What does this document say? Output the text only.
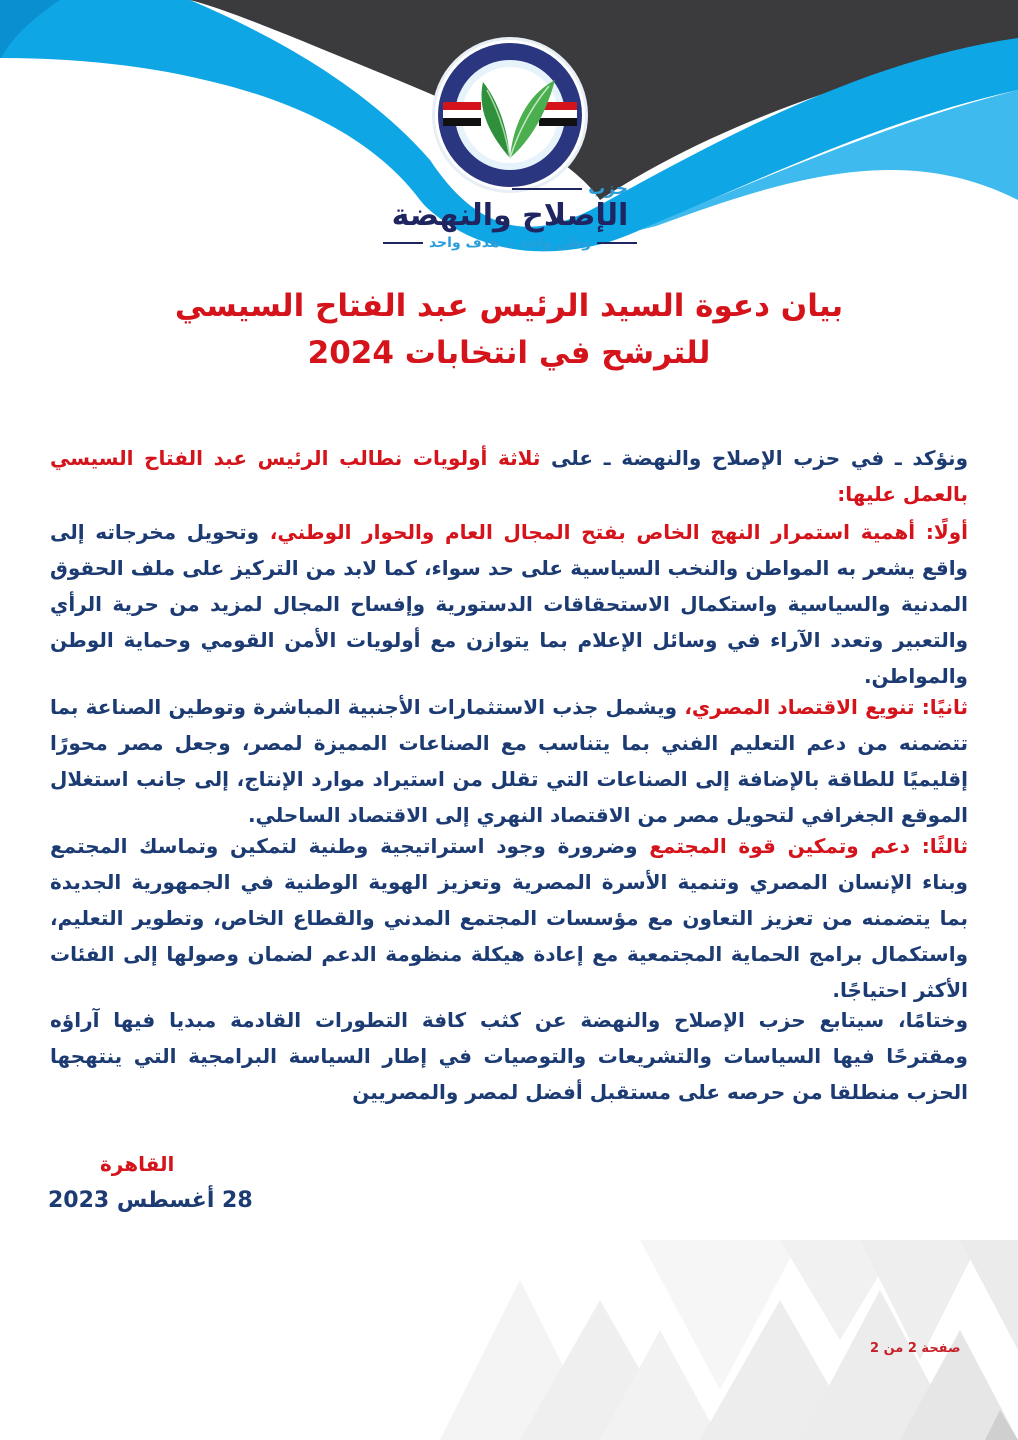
حزب
الإصلاح والنهضة
وطن واحد .. هدف واحد
بيان دعوة السيد الرئيس عبد الفتاح السيسي
للترشح في انتخابات 2024
ونؤكد ـ في حزب الإصلاح والنهضة ـ على ثلاثة أولويات نطالب الرئيس عبد الفتاح السيسي بالعمل عليها:
أولًا: أهمية استمرار النهج الخاص بفتح المجال العام والحوار الوطني، وتحويل مخرجاته إلى واقع يشعر به المواطن والنخب السياسية على حد سواء، كما لابد من التركيز على ملف الحقوق المدنية والسياسية واستكمال الاستحقاقات الدستورية وإفساح المجال لمزيد من حرية الرأي والتعبير وتعدد الآراء في وسائل الإعلام بما يتوازن مع أولويات الأمن القومي وحماية الوطن والمواطن.
ثانيًا: تنويع الاقتصاد المصري، ويشمل جذب الاستثمارات الأجنبية المباشرة وتوطين الصناعة بما تتضمنه من دعم التعليم الفني بما يتناسب مع الصناعات المميزة لمصر، وجعل مصر محورًا إقليميًا للطاقة بالإضافة إلى الصناعات التي تقلل من استيراد موارد الإنتاج، إلى جانب استغلال الموقع الجغرافي لتحويل مصر من الاقتصاد النهري إلى الاقتصاد الساحلي.
ثالثًا: دعم وتمكين قوة المجتمع وضرورة وجود استراتيجية وطنية لتمكين وتماسك المجتمع وبناء الإنسان المصري وتنمية الأسرة المصرية وتعزيز الهوية الوطنية في الجمهورية الجديدة بما يتضمنه من تعزيز التعاون مع مؤسسات المجتمع المدني والقطاع الخاص، وتطوير التعليم، واستكمال برامج الحماية المجتمعية مع إعادة هيكلة منظومة الدعم لضمان وصولها إلى الفئات الأكثر احتياجًا.
وختامًا، سيتابع حزب الإصلاح والنهضة عن كثب كافة التطورات القادمة مبديا فيها آراؤه ومقترحًا فيها السياسات والتشريعات والتوصيات في إطار السياسة البرامجية التي ينتهجها الحزب منطلقا من حرصه على مستقبل أفضل لمصر والمصريين
القاهرة
28 أغسطس 2023
صفحة 2 من 2
